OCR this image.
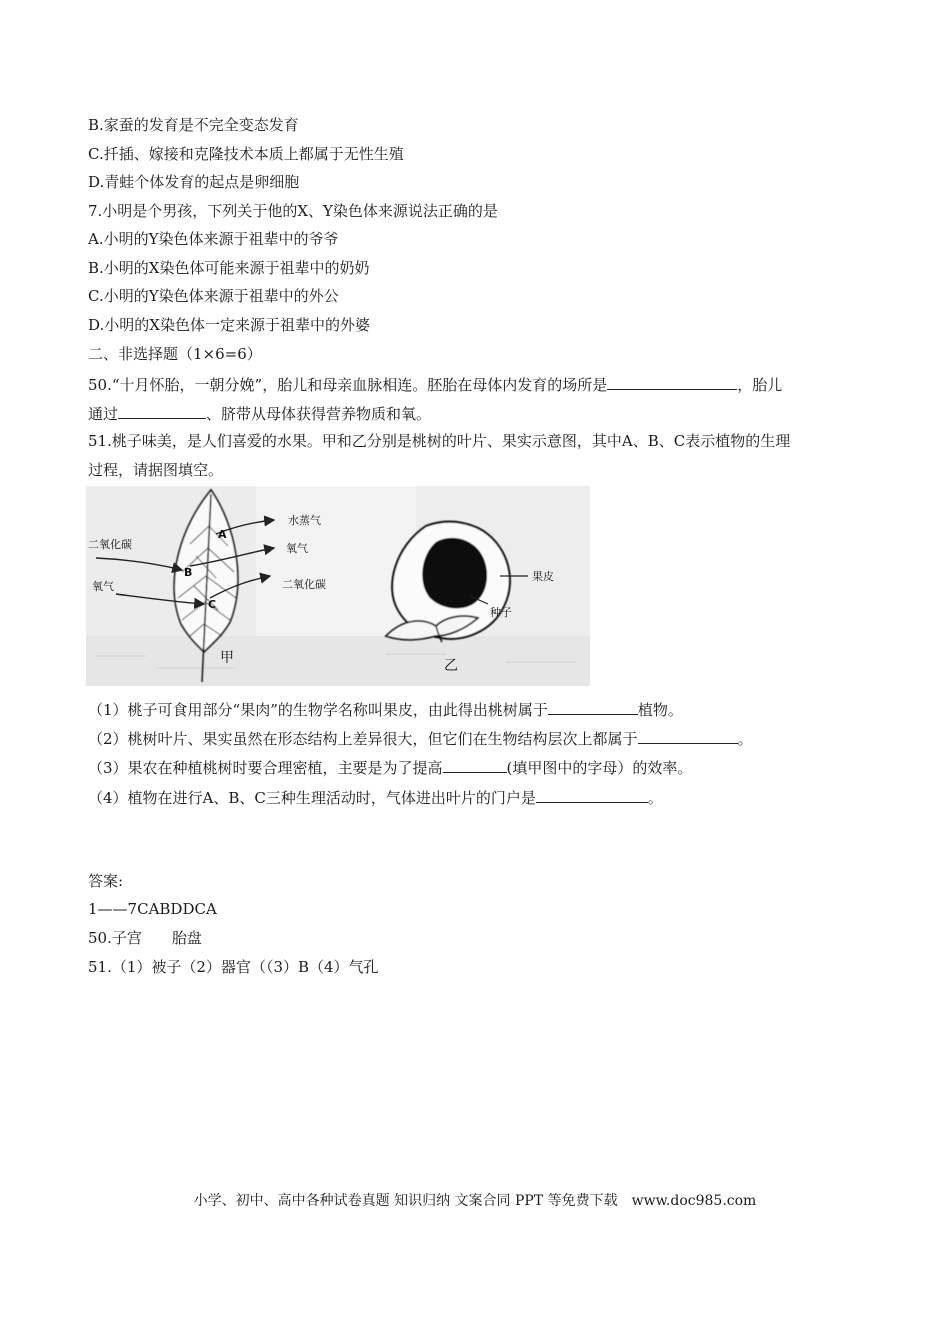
B.家蚕的发育是不完全变态发育
C.扦插、嫁接和克隆技术本质上都属于无性生殖
D.青蛙个体发育的起点是卵细胞
7.小明是个男孩，下列关于他的X、Y染色体来源说法正确的是
A.小明的Y染色体来源于祖辈中的爷爷
B.小明的X染色体可能来源于祖辈中的奶奶
C.小明的Y染色体来源于祖辈中的外公
D.小明的X染色体一定来源于祖辈中的外婆
二、非选择题（1×6=6）
50.“十月怀胎，一朝分娩”，胎儿和母亲血脉相连。胚胎在母体内发育的场所是	，胎儿
通过	、脐带从母体获得营养物质和氧。
51.桃子味美，是人们喜爱的水果。甲和乙分别是桃树的叶片、果实示意图，其中A、B、C表示植物的生理
过程，请据图填空。
水蒸气
氧气
二氧化碳
二氧化碳
氧气
A
B
C
甲
果皮
种子
乙
（1）桃子可食用部分“果肉”的生物学名称叫果皮，由此得出桃树属于	植物。
（2）桃树叶片、果实虽然在形态结构上差异很大，但它们在生物结构层次上都属于	。
（3）果农在种植桃树时要合理密植，主要是为了提高	(填甲图中的字母）的效率。
（4）植物在进行A、B、C三种生理活动时，气体进出叶片的门户是	。
答案:
1——7CABDDCA
50.子宫　　胎盘
51.（1）被子（2）器官（（3）B（4）气孔
小学、初中、高中各种试卷真题 知识归纳 文案合同 PPT 等免费下载　www.doc985.com
